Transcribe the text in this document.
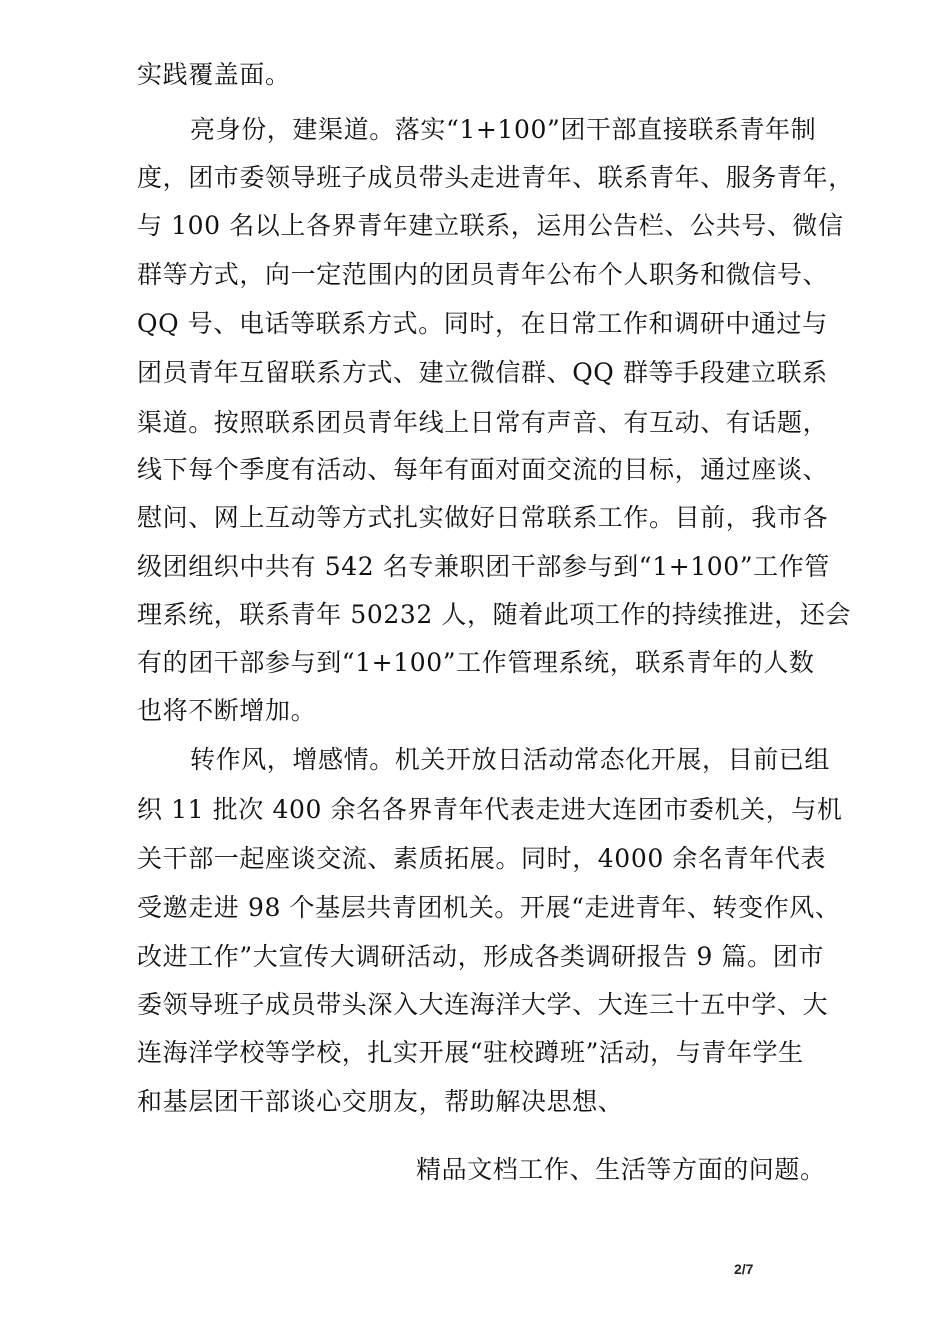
实践覆盖面。
亮身份，建渠道。落实“1+100”团干部直接联系青年制
度，团市委领导班子成员带头走进青年、联系青年、服务青年，
与 100 名以上各界青年建立联系，运用公告栏、公共号、微信
群等方式，向一定范围内的团员青年公布个人职务和微信号、
QQ 号、电话等联系方式。同时，在日常工作和调研中通过与
团员青年互留联系方式、建立微信群、QQ 群等手段建立联系
渠道。按照联系团员青年线上日常有声音、有互动、有话题，
线下每个季度有活动、每年有面对面交流的目标，通过座谈、
慰问、网上互动等方式扎实做好日常联系工作。目前，我市各
级团组织中共有 542 名专兼职团干部参与到“1+100”工作管
理系统，联系青年 50232 人，随着此项工作的持续推进，还会
有的团干部参与到“1+100”工作管理系统，联系青年的人数
也将不断增加。
转作风，增感情。机关开放日活动常态化开展，目前已组
织 11 批次 400 余名各界青年代表走进大连团市委机关，与机
关干部一起座谈交流、素质拓展。同时，4000 余名青年代表
受邀走进 98 个基层共青团机关。开展“走进青年、转变作风、
改进工作”大宣传大调研活动，形成各类调研报告 9 篇。团市
委领导班子成员带头深入大连海洋大学、大连三十五中学、大
连海洋学校等学校，扎实开展“驻校蹲班”活动，与青年学生
和基层团干部谈心交朋友，帮助解决思想、
精品文档工作、生活等方面的问题。
2/7
